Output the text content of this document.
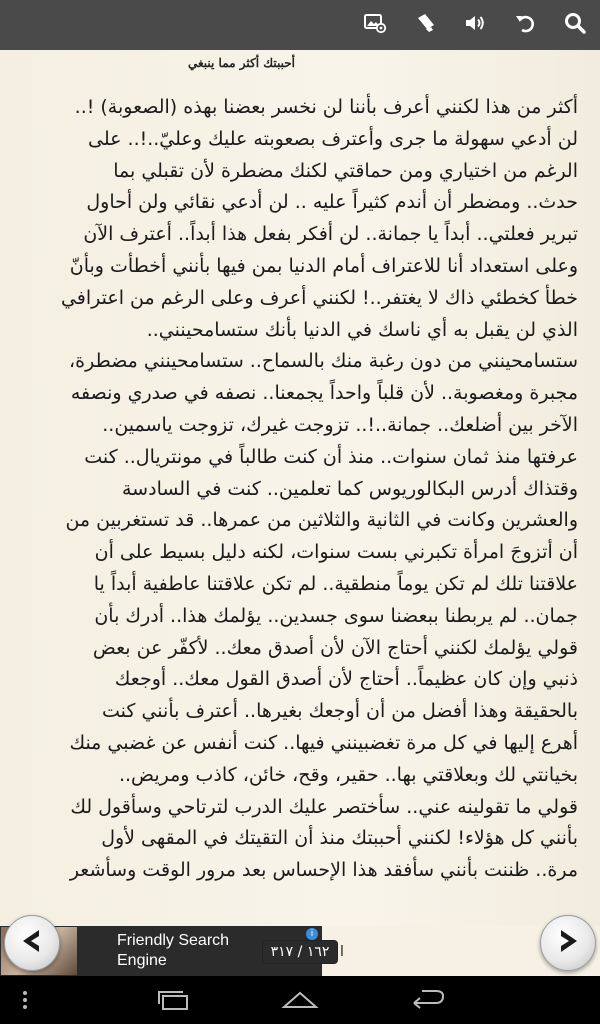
أحببتك أكثر مما ينبغي
أكثر من هذا لكنني أعرف بأننا لن نخسر بعضنا بهذه (الصعوبة) !..
لن أدعي سهولة ما جرى وأعترف بصعوبته عليك وعليّ..!.. على
الرغم من اختياري ومن حماقتي لكنك مضطرة لأن تقبلي بما
حدث.. ومضطر أن أندم كثيراً عليه .. لن أدعي نقائي ولن أحاول
تبرير فعلتي.. أبداً يا جمانة.. لن أفكر بفعل هذا أبداً.. أعترف الآن
وعلى استعداد أنا للاعتراف أمام الدنيا بمن فيها بأنني أخطأت وبأنّ
خطأ كخطئي ذاك لا يغتفر..! لكنني أعرف وعلى الرغم من اعترافي
الذي لن يقبل به أي ناسك في الدنيا بأنك ستسامحينني..
ستسامحينني من دون رغبة منك بالسماح.. ستسامحينني مضطرة،
مجبرة ومغصوبة.. لأن قلباً واحداً يجمعنا.. نصفه في صدري ونصفه
الآخر بين أضلعك.. جمانة..!.. تزوجت غيرك، تزوجت ياسمين..
عرفتها منذ ثمان سنوات.. منذ أن كنت طالباً في مونتريال.. كنت
وقتذاك أدرس البكالوريوس كما تعلمين.. كنت في السادسة
والعشرين وكانت في الثانية والثلاثين من عمرها.. قد تستغربين من
أن أتزوجَ امرأة تكبرني بست سنوات، لكنه دليل بسيط على أن
علاقتنا تلك لم تكن يوماً منطقية.. لم تكن علاقتنا عاطفية أبداً يا
جمان.. لم يربطنا ببعضنا سوى جسدين.. يؤلمك هذا.. أدرك بأن
قولي يؤلمك لكنني أحتاج الآن لأن أصدق معك.. لأكفّر عن بعض
ذنبي وإن كان عظيماً.. أحتاج لأن أصدق القول معك.. أوجعك
بالحقيقة وهذا أفضل من أن أوجعك بغيرها.. أعترف بأنني كنت
أهرع إليها في كل مرة تغضبينني فيها.. كنت أنفس عن غضبي منك
بخيانتي لك وبعلاقتي بها.. حقير، وقح، خائن، كاذب ومريض..
قولي ما تقولينه عني.. سأختصر عليك الدرب لترتاحي وسأقول لك
بأنني كل هؤلاء! لكنني أحببتك منذ أن التقيتك في المقهى لأول
مرة.. ظننت بأنني سأفقد هذا الإحساس بعد مرور الوقت وسأشعر
Friendly Search Engine
i
١٦٢ / ٣١٧ l
